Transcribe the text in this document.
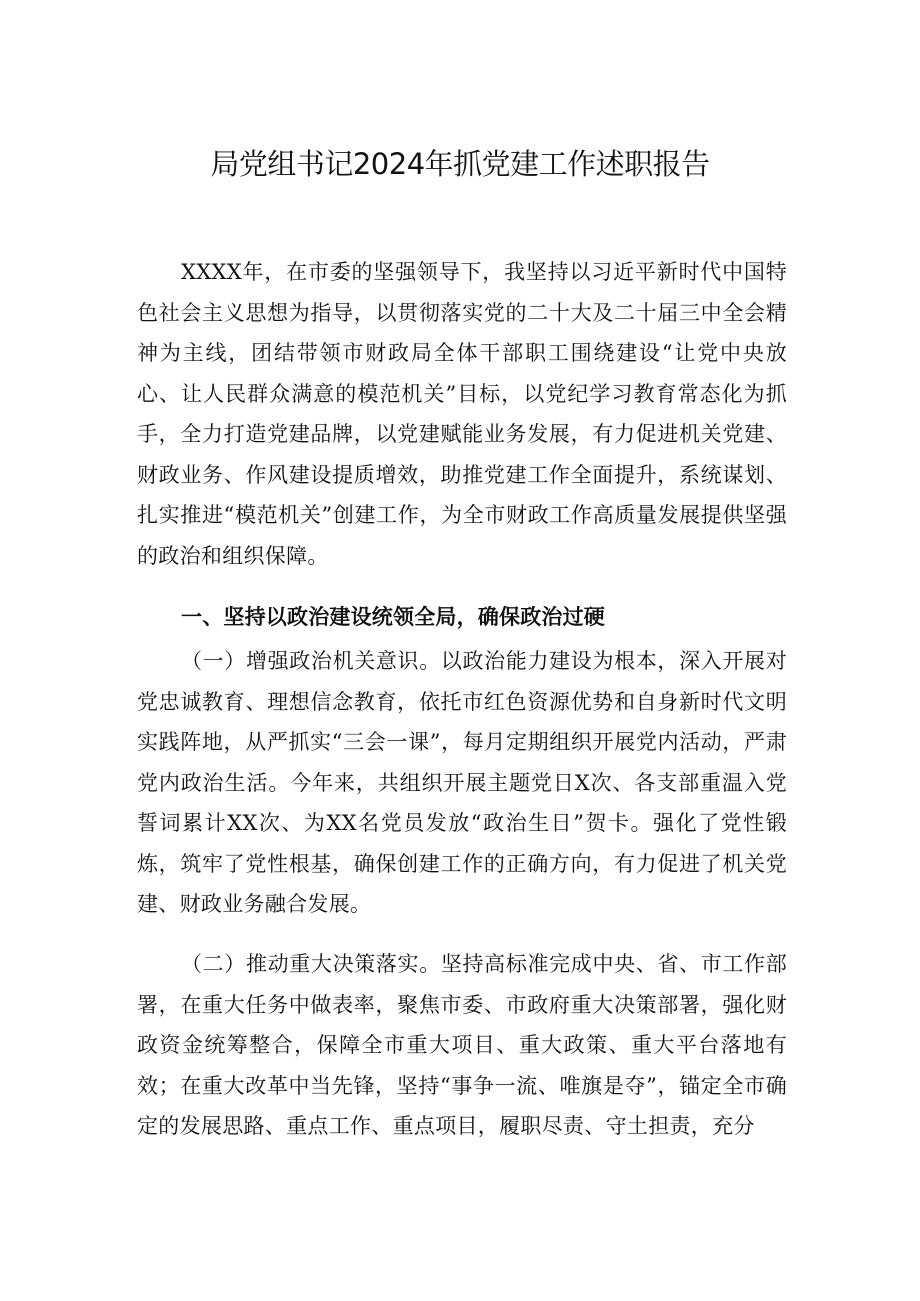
局党组书记2024年抓党建工作述职报告

XXXX年，在市委的坚强领导下，我坚持以习近平新时代中国特色社会主义思想为指导，以贯彻落实党的二十大及二十届三中全会精神为主线，团结带领市财政局全体干部职工围绕建设“让党中央放心、让人民群众满意的模范机关”目标，以党纪学习教育常态化为抓手，全力打造党建品牌，以党建赋能业务发展，有力促进机关党建、财政业务、作风建设提质增效，助推党建工作全面提升，系统谋划、扎实推进“模范机关”创建工作，为全市财政工作高质量发展提供坚强的政治和组织保障。

一、坚持以政治建设统领全局，确保政治过硬

（一）增强政治机关意识。以政治能力建设为根本，深入开展对党忠诚教育、理想信念教育，依托市红色资源优势和自身新时代文明实践阵地，从严抓实“三会一课”，每月定期组织开展党内活动，严肃党内政治生活。今年来，共组织开展主题党日X次、各支部重温入党誓词累计XX次、为XX名党员发放“政治生日”贺卡。强化了党性锻炼，筑牢了党性根基，确保创建工作的正确方向，有力促进了机关党建、财政业务融合发展。

（二）推动重大决策落实。坚持高标准完成中央、省、市工作部署，在重大任务中做表率，聚焦市委、市政府重大决策部署，强化财政资金统筹整合，保障全市重大项目、重大政策、重大平台落地有效；在重大改革中当先锋，坚持“事争一流、唯旗是夺”，锚定全市确定的发展思路、重点工作、重点项目，履职尽责、守土担责，充分
